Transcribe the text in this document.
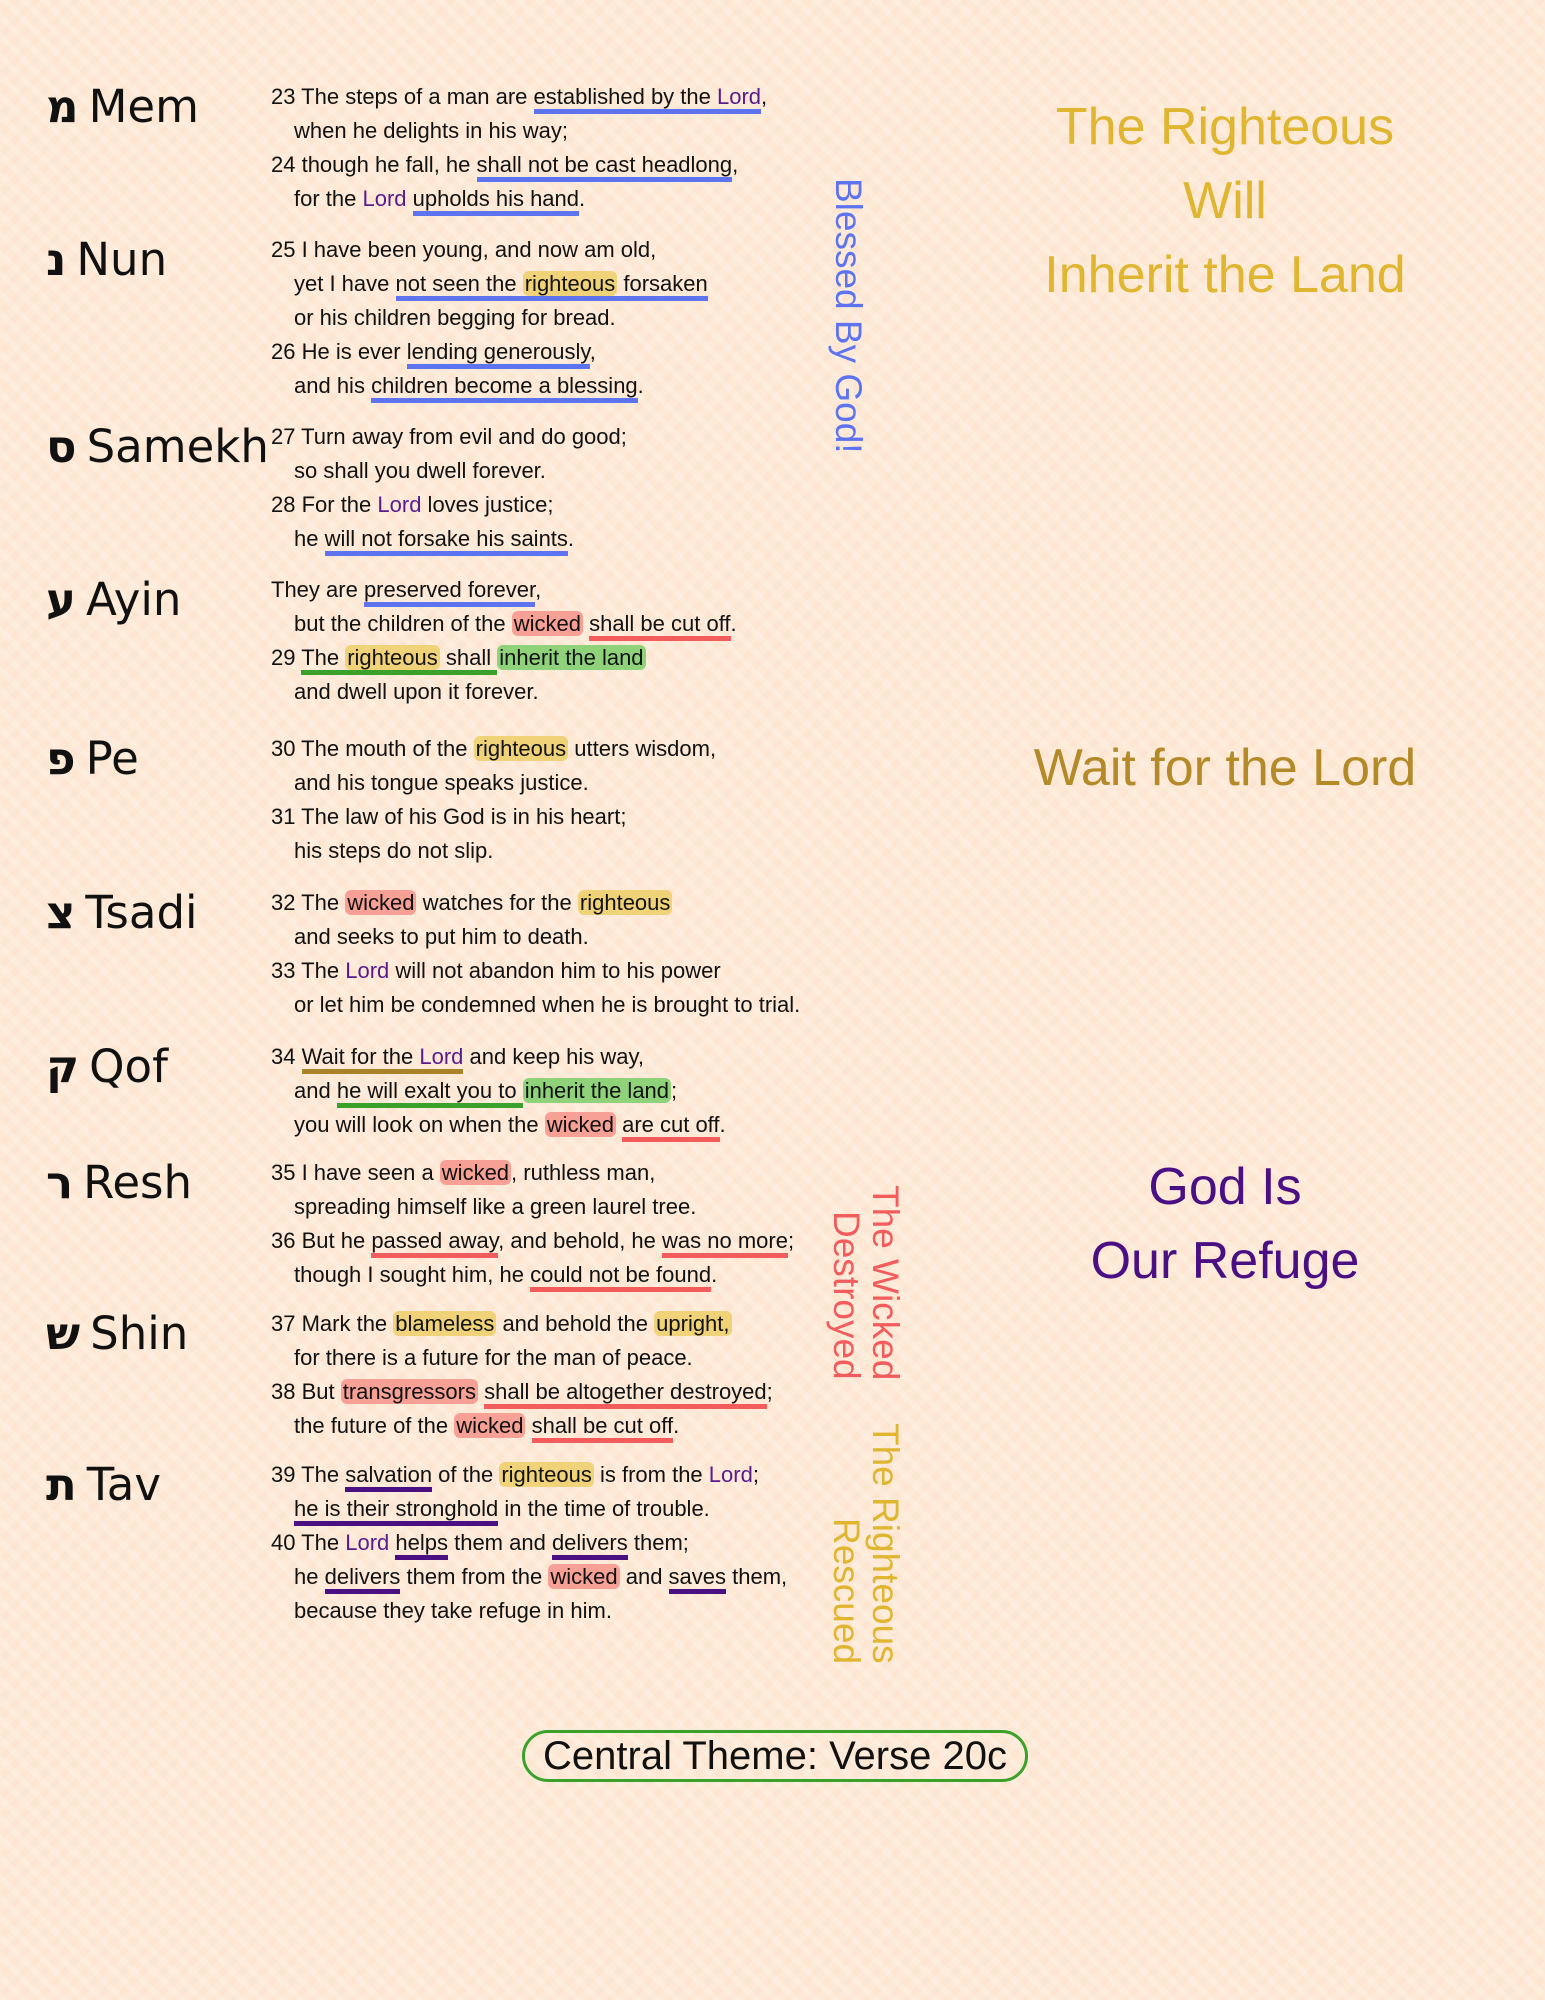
מ Mem	23 The steps of a man are established by the Lord,
when he delights in his way;
24 though he fall, he shall not be cast headlong,
for the Lord upholds his hand.
נ Nun	25 I have been young, and now am old,
yet I have not seen the righteous forsaken
or his children begging for bread.
26 He is ever lending generously,
and his children become a blessing.
ס Samekh 27 Turn away from evil and do good;
so shall you dwell forever.
28 For the Lord loves justice;
he will not forsake his saints.
ע Ayin	They are preserved forever,
but the children of the wicked shall be cut off.
29 The righteous shall inherit the land
and dwell upon it forever.
פ Pe	30 The mouth of the righteous utters wisdom,
and his tongue speaks justice.
31 The law of his God is in his heart;
his steps do not slip.
צ Tsadi	32 The wicked watches for the righteous
and seeks to put him to death.
33 The Lord will not abandon him to his power
or let him be condemned when he is brought to trial.
ק Qof	34 Wait for the Lord and keep his way,
and he will exalt you to inherit the land;
you will look on when the wicked are cut off.
ר Resh	35 I have seen a wicked, ruthless man,
spreading himself like a green laurel tree.
36 But he passed away, and behold, he was no more;
though I sought him, he could not be found.
ש Shin	37 Mark the blameless and behold the upright,
for there is a future for the man of peace.
38 But transgressors shall be altogether destroyed;
the future of the wicked shall be cut off.
ת Tav	39 The salvation of the righteous is from the Lord;
he is their stronghold in the time of trouble.
40 The Lord helps them and delivers them;
he delivers them from the wicked and saves them,
because they take refuge in him.
Blessed By God!
The Wicked Destroyed
The Righteous Rescued
The Righteous
Will
Inherit the Land
Wait for the Lord
God Is
Our Refuge
Central Theme: Verse 20c
